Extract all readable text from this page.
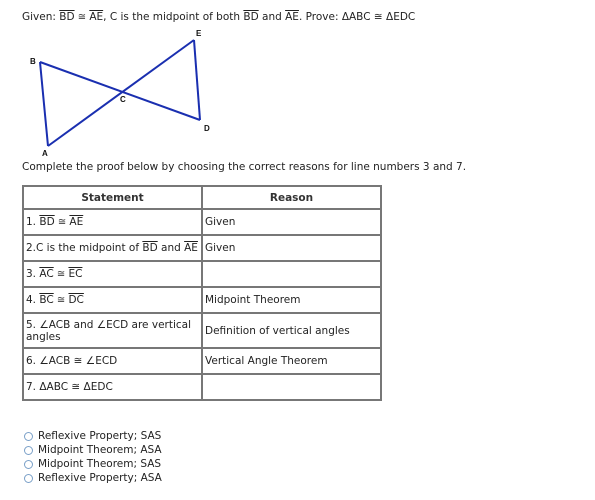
Given: $\overline{BD}$ ≅ $\overline{AE}$, C is the midpoint of both $\overline{BD}$ and $\overline{AE}$. Prove: ΔABC ≅ ΔEDC
B
E
C
D
A
Complete the proof below by choosing the correct reasons for line numbers 3 and 7.
Statement	Reason
1. $\overline{BD}$ ≅ $\overline{AE}$	Given
2.C is the midpoint of $\overline{BD}$ and $\overline{AE}$	Given
3. $\overline{AC}$ ≅ $\overline{EC}$	
4. $\overline{BC}$ ≅ $\overline{DC}$	Midpoint Theorem
5. ∠ACB and ∠ECD are vertical angles	Definition of vertical angles
6. ∠ACB ≅ ∠ECD	Vertical Angle Theorem
7. ΔABC ≅ ΔEDC	
Reflexive Property; SAS
Midpoint Theorem; ASA
Midpoint Theorem; SAS
Reflexive Property; ASA
